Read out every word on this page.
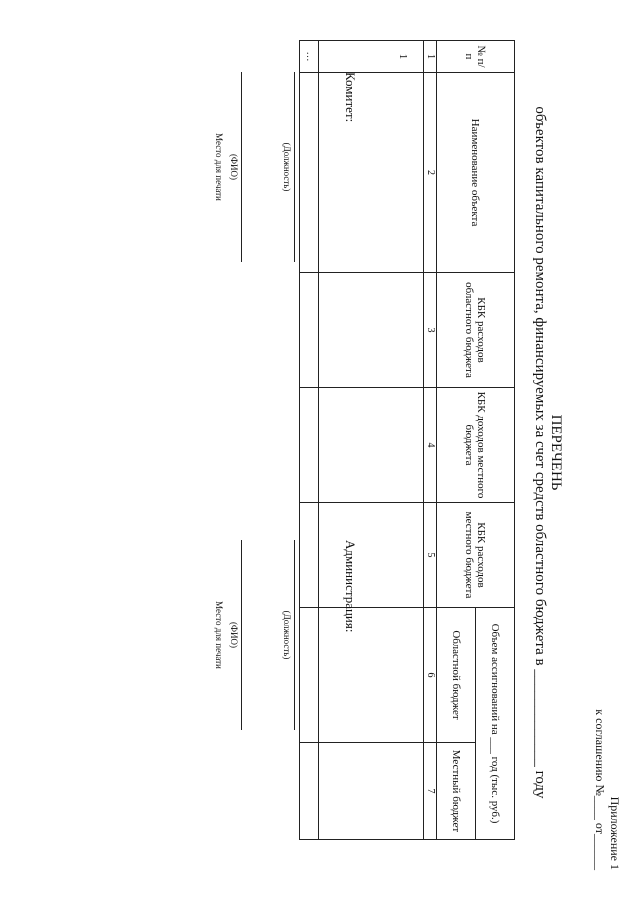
Приложение 1
к соглашению №____ от______
ПЕРЕЧЕНЬ
объектов капитального ремонта, финансируемых за счет средств областного бюджета в _____________ году
№ п/п	Наименование объекта	КБК расходов областного бюджета	КБК доходов местного бюджета	КБК расходов местного бюджета	Объем ассигнований на ___ год (тыс. руб.)	
					Областной бюджет	Местный бюджет
1	2	3	4	5	6	7
1						
…						
Комитет:
(Должность)
(ФИО)
Место для печати
Администрация:
(Должность)
(ФИО)
Место для печати
